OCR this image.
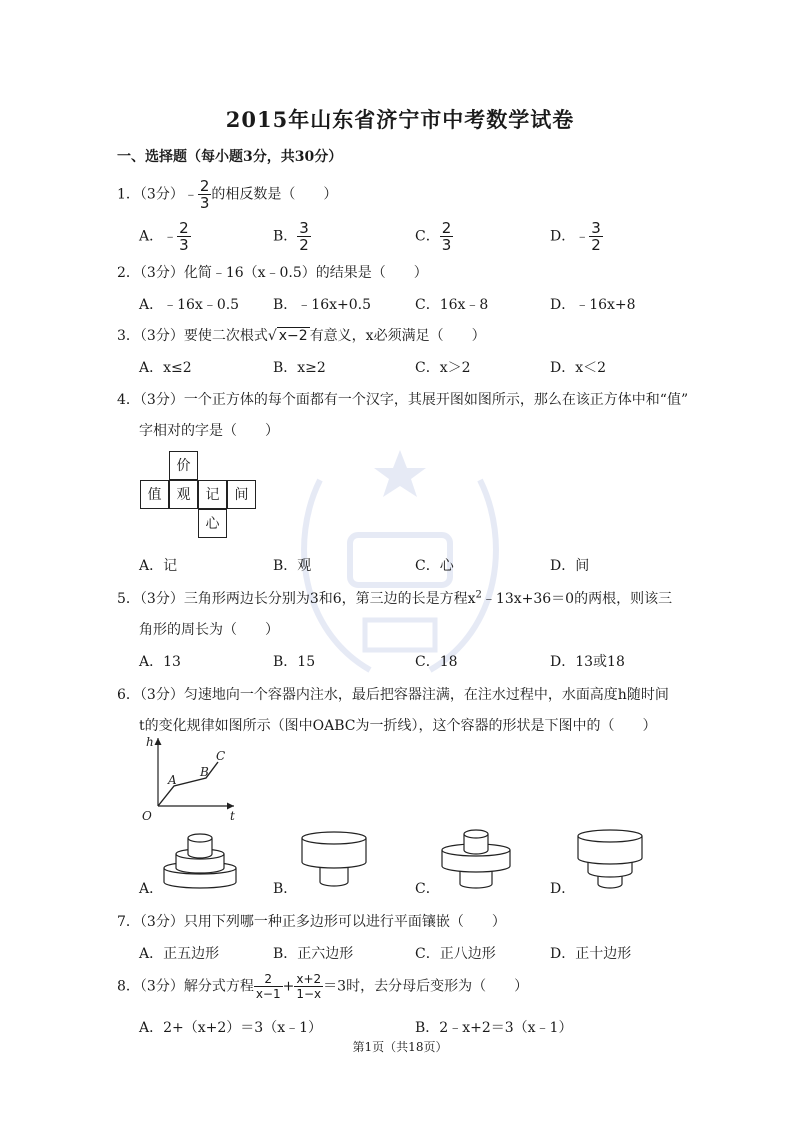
2015年山东省济宁市中考数学试卷
一、选择题（每小题3分，共30分）
1．（3分）﹣ $\frac{2}{3}$ 的相反数是（　　）
A．﹣ $\frac{2}{3}$	B． $\frac{3}{2}$	C． $\frac{2}{3}$	D．﹣ $\frac{3}{2}$
2．（3分）化简﹣16（x﹣0.5）的结果是（　　）
A．﹣16x﹣0.5 B．﹣16x+0.5	C．16x﹣8	D．﹣16x+8
3．（3分）要使二次根式√ x−2 有意义，x必须满足（　　）
A．x≤2	B．x≥2	C．x＞2	D．x＜2
4．（3分）一个正方体的每个面都有一个汉字，其展开图如图所示，那么在该正方体中和“值”
字相对的字是（　　）
价
值	观	记	间
心
A．记	B．观	C．心	D．间
5．（3分）三角形两边长分别为3和6，第三边的长是方程$x^2﹣13x+36=0$的两根，则该三
角形的周长为（　　）
A．13	B．15	C．18	D．13或18
6．（3分）匀速地向一个容器内注水，最后把容器注满，在注水过程中，水面高度h随时间
t的变化规律如图所示（图中OABC为一折线），这个容器的形状是下图中的（　　）
h
t
O
A
B
C
A．	B．	C．	D．
7．（3分）只用下列哪一种正多边形可以进行平面镶嵌（　　）
A．正五边形	B．正六边形	C．正八边形	D．正十边形
8．（3分）解分式方程 $\frac{2}{x-1} + \frac{x+2}{1-x} =3$时，去分母后变形为（　　）
A．2+（x+2）＝3（x﹣1）	B．2﹣x+2＝3（x﹣1）
第1页（共18页）
